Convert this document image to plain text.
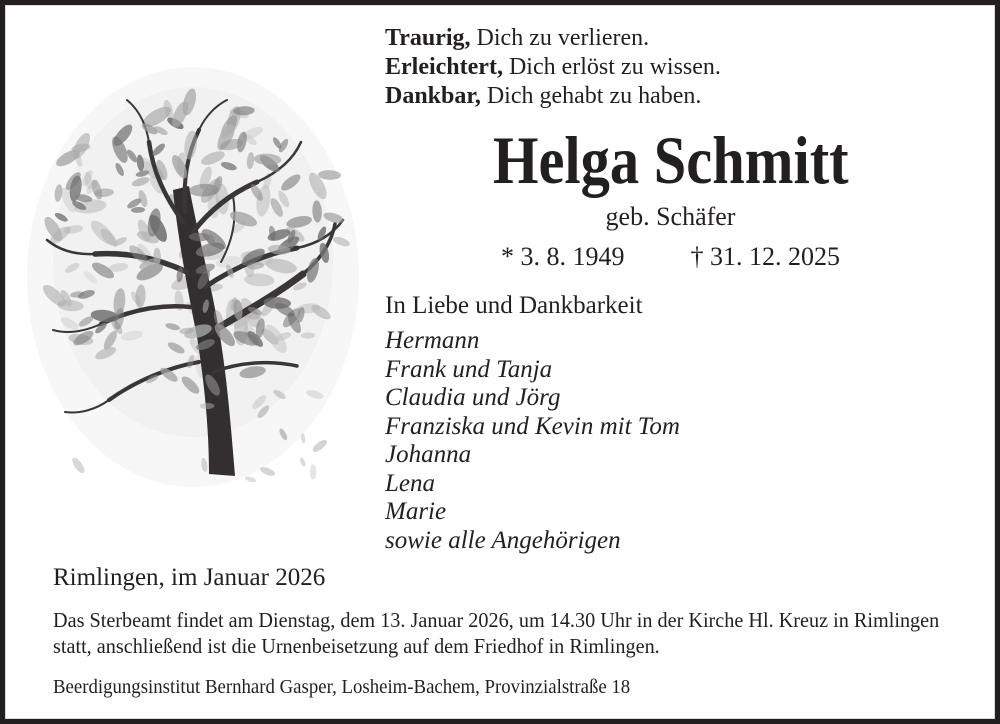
Traurig, Dich zu verlieren.
Erleichtert, Dich erlöst zu wissen.
Dankbar, Dich gehabt zu haben.
Helga Schmitt
geb. Schäfer
* 3. 8. 1949	† 31. 12. 2025
In Liebe und Dankbarkeit
Hermann
Frank und Tanja
Claudia und Jörg
Franziska und Kevin mit Tom
Johanna
Lena
Marie
sowie alle Angehörigen
Rimlingen, im Januar 2026
Das Sterbeamt findet am Dienstag, dem 13. Januar 2026, um 14.30 Uhr in der Kirche Hl. Kreuz in Rimlingen statt, anschließend ist die Urnenbeisetzung auf dem Friedhof in Rimlingen.
Beerdigungsinstitut Bernhard Gasper, Losheim-Bachem, Provinzialstraße 18
